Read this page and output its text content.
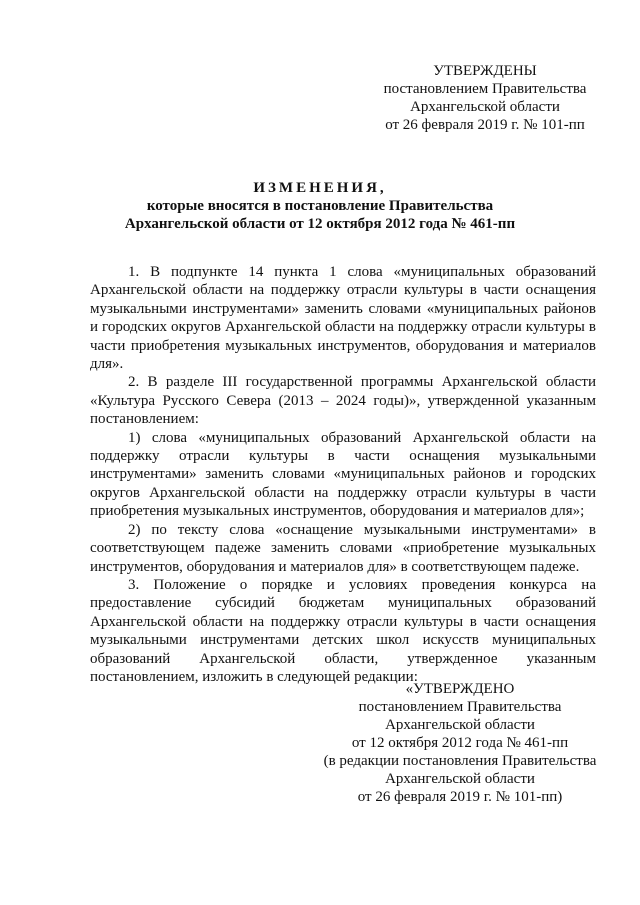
УТВЕРЖДЕНЫ
постановлением Правительства
Архангельской области
от 26 февраля 2019 г. № 101-пп
ИЗМЕНЕНИЯ,
которые вносятся в постановление Правительства
Архангельской области от 12 октября 2012 года № 461-пп

1. В подпункте 14 пункта 1 слова «муниципальных образований Архангельской области на поддержку отрасли культуры в части оснащения музыкальными инструментами» заменить словами «муниципальных районов и городских округов Архангельской области на поддержку отрасли культуры в части приобретения музыкальных инструментов, оборудования и материалов для».

2. В разделе III государственной программы Архангельской области «Культура Русского Севера (2013 – 2024 годы)», утвержденной указанным постановлением:

1) слова «муниципальных образований Архангельской области на поддержку отрасли культуры в части оснащения музыкальными инструментами» заменить словами «муниципальных районов и городских округов Архангельской области на поддержку отрасли культуры в части приобретения музыкальных инструментов, оборудования и материалов для»;

2) по тексту слова «оснащение музыкальными инструментами» в соответствующем падеже заменить словами «приобретение музыкальных инструментов, оборудования и материалов для» в соответствующем падеже.

3. Положение о порядке и условиях проведения конкурса на предоставление субсидий бюджетам муниципальных образований Архангельской области на поддержку отрасли культуры в части оснащения музыкальными инструментами детских школ искусств муниципальных образований Архангельской области, утвержденное указанным постановлением, изложить в следующей редакции:

«УТВЕРЖДЕНО
постановлением Правительства
Архангельской области
от 12 октября 2012 года № 461-пп
(в редакции постановления Правительства
Архангельской области
от 26 февраля 2019 г. № 101-пп)
